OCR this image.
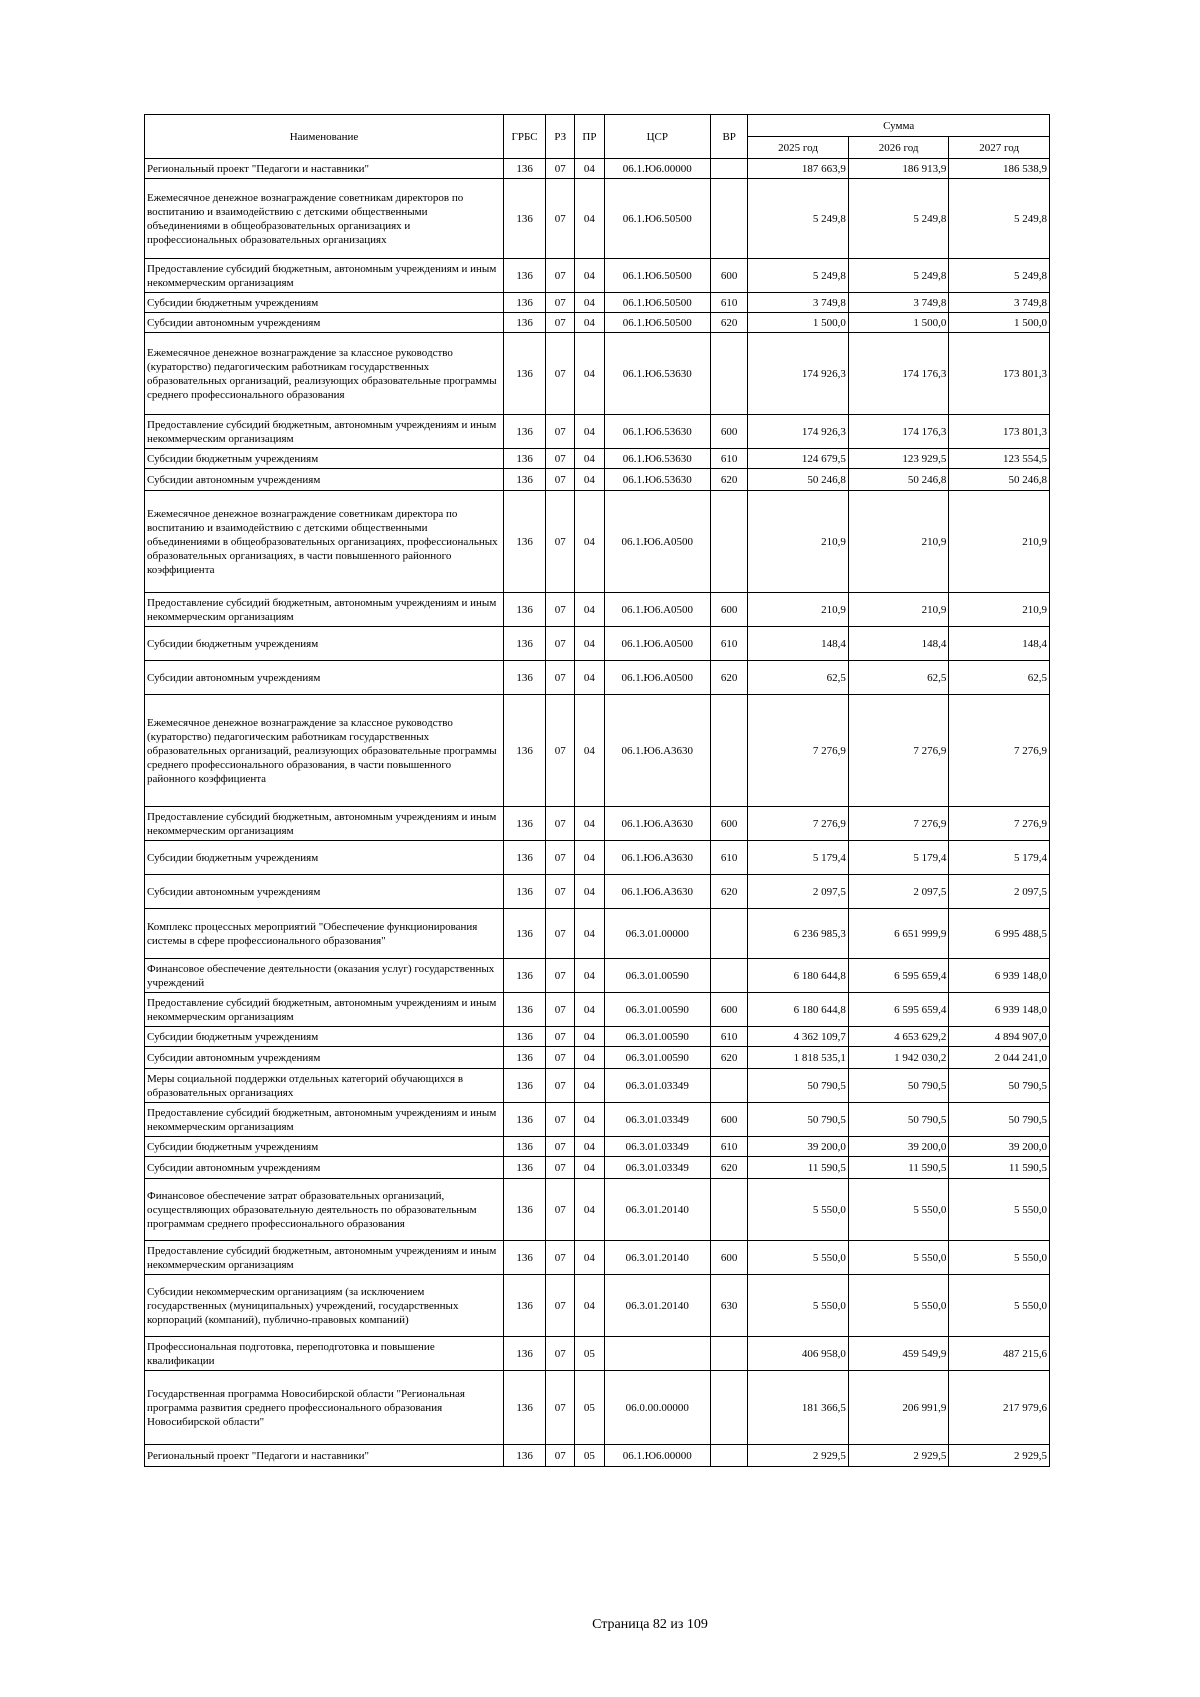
Наименование	ГРБС	РЗ	ПР	ЦСР	ВР	Сумма		
						2025 год	2026 год	2027 год
Региональный проект "Педагоги и наставники"	136	07	04	06.1.Ю6.00000		187 663,9	186 913,9	186 538,9
Ежемесячное денежное вознаграждение советникам директоров по воспитанию и взаимодействию с детскими общественными объединениями в общеобразовательных организациях и профессиональных образовательных организациях	136	07	04	06.1.Ю6.50500		5 249,8	5 249,8	5 249,8
Предоставление субсидий бюджетным, автономным учреждениям и иным некоммерческим организациям	136	07	04	06.1.Ю6.50500	600	5 249,8	5 249,8	5 249,8
Субсидии бюджетным учреждениям	136	07	04	06.1.Ю6.50500	610	3 749,8	3 749,8	3 749,8
Субсидии автономным учреждениям	136	07	04	06.1.Ю6.50500	620	1 500,0	1 500,0	1 500,0
Ежемесячное денежное вознаграждение за классное руководство (кураторство) педагогическим работникам государственных образовательных организаций, реализующих образовательные программы среднего профессионального образования	136	07	04	06.1.Ю6.53630		174 926,3	174 176,3	173 801,3
Предоставление субсидий бюджетным, автономным учреждениям и иным некоммерческим организациям	136	07	04	06.1.Ю6.53630	600	174 926,3	174 176,3	173 801,3
Субсидии бюджетным учреждениям	136	07	04	06.1.Ю6.53630	610	124 679,5	123 929,5	123 554,5
Субсидии автономным учреждениям	136	07	04	06.1.Ю6.53630	620	50 246,8	50 246,8	50 246,8
Ежемесячное денежное вознаграждение советникам директора по воспитанию и взаимодействию с детскими общественными объединениями в общеобразовательных организациях, профессиональных образовательных организациях, в части повышенного районного коэффициента	136	07	04	06.1.Ю6.А0500		210,9	210,9	210,9
Предоставление субсидий бюджетным, автономным учреждениям и иным некоммерческим организациям	136	07	04	06.1.Ю6.А0500	600	210,9	210,9	210,9
Субсидии бюджетным учреждениям	136	07	04	06.1.Ю6.А0500	610	148,4	148,4	148,4
Субсидии автономным учреждениям	136	07	04	06.1.Ю6.А0500	620	62,5	62,5	62,5
Ежемесячное денежное вознаграждение за классное руководство (кураторство) педагогическим работникам государственных образовательных организаций, реализующих образовательные программы среднего профессионального образования, в части повышенного районного коэффициента	136	07	04	06.1.Ю6.А3630		7 276,9	7 276,9	7 276,9
Предоставление субсидий бюджетным, автономным учреждениям и иным некоммерческим организациям	136	07	04	06.1.Ю6.А3630	600	7 276,9	7 276,9	7 276,9
Субсидии бюджетным учреждениям	136	07	04	06.1.Ю6.А3630	610	5 179,4	5 179,4	5 179,4
Субсидии автономным учреждениям	136	07	04	06.1.Ю6.А3630	620	2 097,5	2 097,5	2 097,5
Комплекс процессных мероприятий "Обеспечение функционирования системы в сфере профессионального образования"	136	07	04	06.3.01.00000		6 236 985,3	6 651 999,9	6 995 488,5
Финансовое обеспечение деятельности (оказания услуг) государственных учреждений	136	07	04	06.3.01.00590		6 180 644,8	6 595 659,4	6 939 148,0
Предоставление субсидий бюджетным, автономным учреждениям и иным некоммерческим организациям	136	07	04	06.3.01.00590	600	6 180 644,8	6 595 659,4	6 939 148,0
Субсидии бюджетным учреждениям	136	07	04	06.3.01.00590	610	4 362 109,7	4 653 629,2	4 894 907,0
Субсидии автономным учреждениям	136	07	04	06.3.01.00590	620	1 818 535,1	1 942 030,2	2 044 241,0
Меры социальной поддержки отдельных категорий обучающихся в образовательных организациях	136	07	04	06.3.01.03349		50 790,5	50 790,5	50 790,5
Предоставление субсидий бюджетным, автономным учреждениям и иным некоммерческим организациям	136	07	04	06.3.01.03349	600	50 790,5	50 790,5	50 790,5
Субсидии бюджетным учреждениям	136	07	04	06.3.01.03349	610	39 200,0	39 200,0	39 200,0
Субсидии автономным учреждениям	136	07	04	06.3.01.03349	620	11 590,5	11 590,5	11 590,5
Финансовое обеспечение затрат образовательных организаций, осуществляющих образовательную деятельность по образовательным программам среднего профессионального образования	136	07	04	06.3.01.20140		5 550,0	5 550,0	5 550,0
Предоставление субсидий бюджетным, автономным учреждениям и иным некоммерческим организациям	136	07	04	06.3.01.20140	600	5 550,0	5 550,0	5 550,0
Субсидии некоммерческим организациям (за исключением государственных (муниципальных) учреждений, государственных корпораций (компаний), публично-правовых компаний)	136	07	04	06.3.01.20140	630	5 550,0	5 550,0	5 550,0
Профессиональная подготовка, переподготовка и повышение квалификации	136	07	05			406 958,0	459 549,9	487 215,6
Государственная программа Новосибирской области "Региональная программа развития среднего профессионального образования Новосибирской области"	136	07	05	06.0.00.00000		181 366,5	206 991,9	217 979,6
Региональный проект "Педагоги и наставники"	136	07	05	06.1.Ю6.00000		2 929,5	2 929,5	2 929,5
Страница 82 из 109
